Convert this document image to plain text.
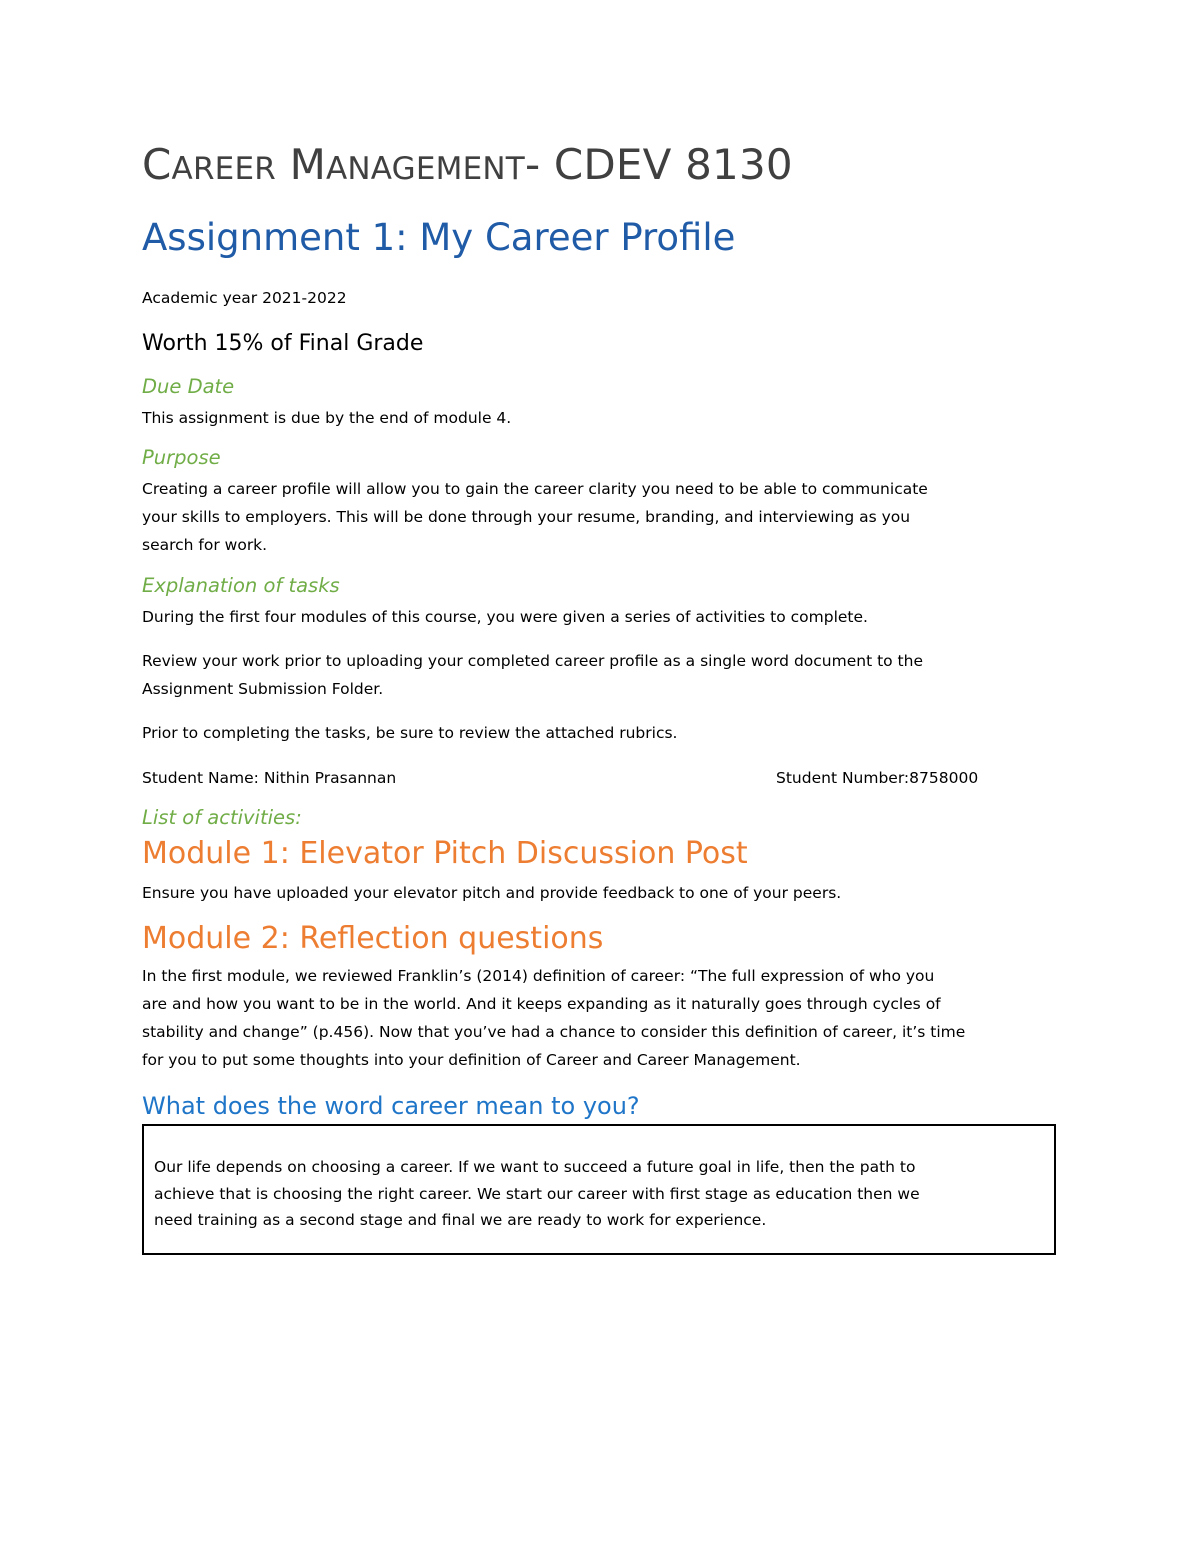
CAREER MANAGEMENT- CDEV 8130
Assignment 1: My Career Profile
Academic year 2021-2022
Worth 15% of Final Grade
Due Date
This assignment is due by the end of module 4.
Purpose
Creating a career profile will allow you to gain the career clarity you need to be able to communicate
your skills to employers. This will be done through your resume, branding, and interviewing as you
search for work.
Explanation of tasks
During the first four modules of this course, you were given a series of activities to complete.
Review your work prior to uploading your completed career profile as a single word document to the
Assignment Submission Folder.
Prior to completing the tasks, be sure to review the attached rubrics.
Student Name: Nithin Prasannan	Student Number:8758000
List of activities:
Module 1: Elevator Pitch Discussion Post
Ensure you have uploaded your elevator pitch and provide feedback to one of your peers.
Module 2: Reflection questions
In the first module, we reviewed Franklin’s (2014) definition of career: “The full expression of who you
are and how you want to be in the world. And it keeps expanding as it naturally goes through cycles of
stability and change” (p.456). Now that you’ve had a chance to consider this definition of career, it’s time
for you to put some thoughts into your definition of Career and Career Management.
What does the word career mean to you?
Our life depends on choosing a career. If we want to succeed a future goal in life, then the path to
achieve that is choosing the right career. We start our career with first stage as education then we
need training as a second stage and final we are ready to work for experience.
